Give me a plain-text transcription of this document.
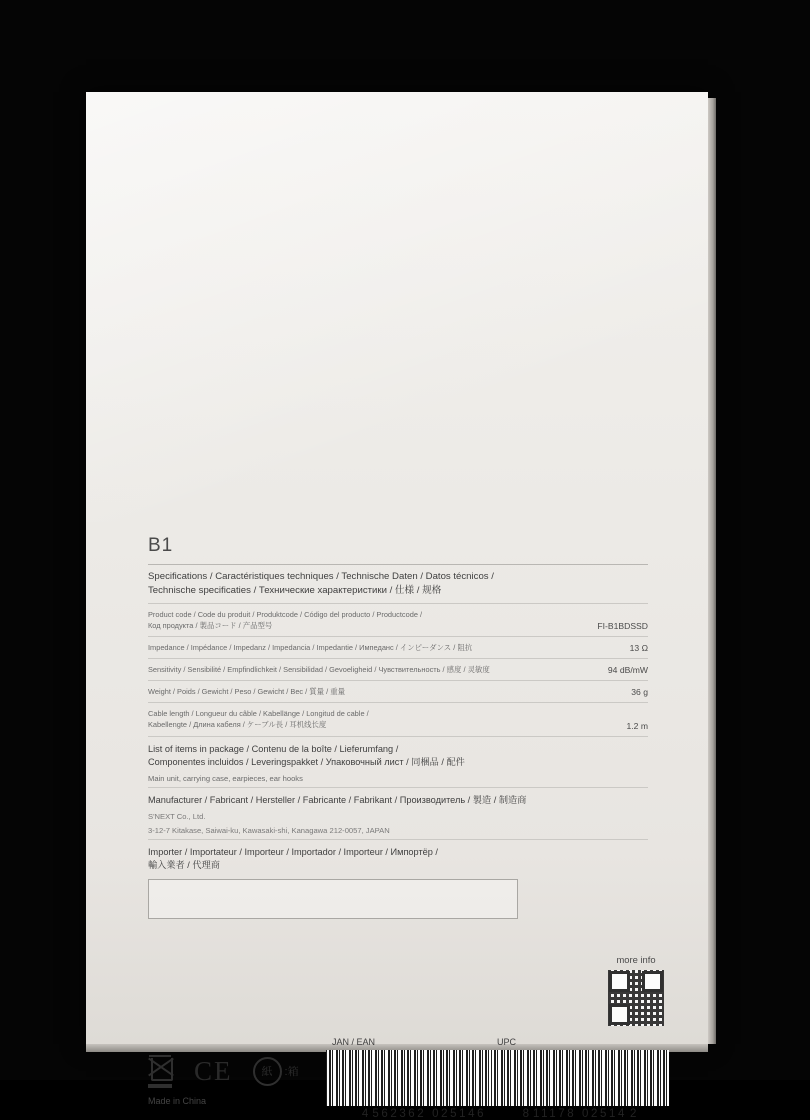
B1
Specifications / Caractéristiques techniques / Technische Daten / Datos técnicos /
Technische specificaties / Технические характеристики / 仕様 / 规格
Product code / Code du produit / Produktcode / Código del producto / Productcode /
Код продукта / 製品コード / 产品型号	FI-B1BDSSD
Impedance / Impédance / Impedanz / Impedancia / Impedantie / Импеданс / インピーダンス / 阻抗	13 Ω
Sensitivity / Sensibilité / Empfindlichkeit / Sensibilidad / Gevoeligheid / Чувствительность / 感度 / 灵敏度	94 dB/mW
Weight / Poids / Gewicht / Peso / Gewicht / Вес / 質量 / 重量	36 g
Cable length / Longueur du câble / Kabellänge / Longitud de cable /
Kabellengte / Длина кабеля / ケーブル長 / 耳机线长度	1.2 m
List of items in package / Contenu de la boîte / Lieferumfang /
Componentes incluidos / Leveringspakket / Упаковочный лист / 同梱品 / 配件
Main unit, carrying case, earpieces, ear hooks
Manufacturer / Fabricant / Hersteller / Fabricante / Fabrikant / Производитель / 製造 / 制造商
S'NEXT Co., Ltd.
3-12-7 Kitakase, Saiwai-ku, Kawasaki-shi, Kanagawa 212-0057, JAPAN
Importer / Importateur / Importeur / Importador / Importeur / Импортёр /
輸入業者 / 代理商
more info
CE	紙	:箱
Made in China
JAN / EAN
4 562362 025146
UPC
8 11178 02514 2
